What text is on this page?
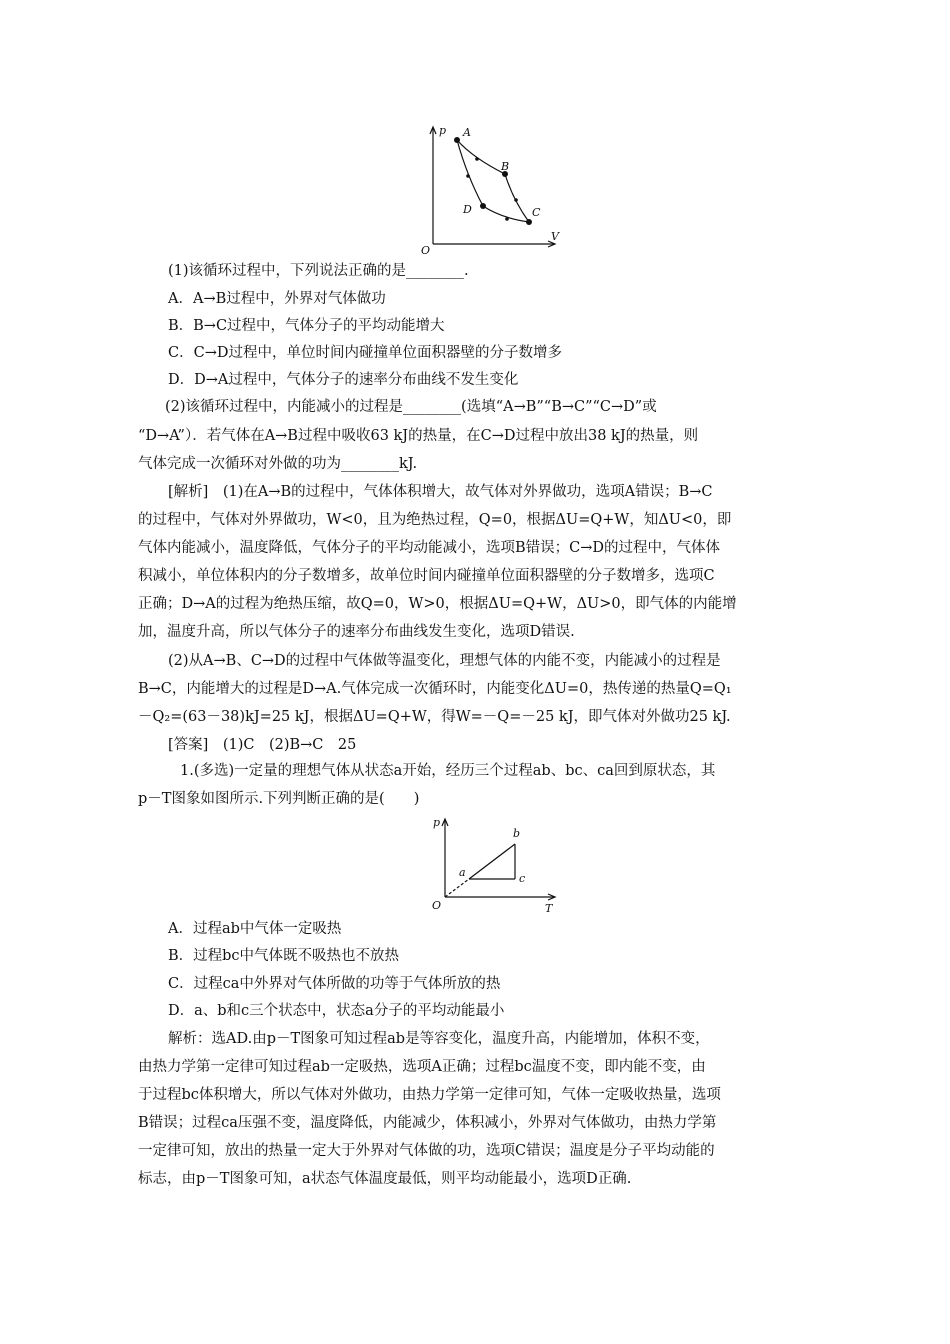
p
V
O
A
B
C
D
(1)该循环过程中，下列说法正确的是________.
A．A→B过程中，外界对气体做功
B．B→C过程中，气体分子的平均动能增大
C．C→D过程中，单位时间内碰撞单位面积器壁的分子数增多
D．D→A过程中，气体分子的速率分布曲线不发生变化
(2)该循环过程中，内能减小的过程是________(选填“A→B”“B→C”“C→D”或
“D→A”）．若气体在A→B过程中吸收63 kJ的热量，在C→D过程中放出38 kJ的热量，则
气体完成一次循环对外做的功为________kJ.
[解析]　(1)在A→B的过程中，气体体积增大，故气体对外界做功，选项A错误；B→C
的过程中，气体对外界做功，W<0，且为绝热过程，Q=0，根据ΔU=Q+W，知ΔU<0，即
气体内能减小，温度降低，气体分子的平均动能减小，选项B错误；C→D的过程中，气体体
积减小，单位体积内的分子数增多，故单位时间内碰撞单位面积器壁的分子数增多，选项C
正确；D→A的过程为绝热压缩，故Q=0，W>0，根据ΔU=Q+W，ΔU>0，即气体的内能增
加，温度升高，所以气体分子的速率分布曲线发生变化，选项D错误.
(2)从A→B、C→D的过程中气体做等温变化，理想气体的内能不变，内能减小的过程是
B→C，内能增大的过程是D→A.气体完成一次循环时，内能变化ΔU=0，热传递的热量Q=Q₁
－Q₂=(63－38)kJ=25 kJ，根据ΔU=Q+W，得W=－Q=－25 kJ，即气体对外做功25 kJ.
[答案]　(1)C　(2)B→C　25
1.(多选)一定量的理想气体从状态a开始，经历三个过程ab、bc、ca回到原状态，其
p－T图象如图所示.下列判断正确的是(　　)
p
T
O
a
b
c
A．过程ab中气体一定吸热
B．过程bc中气体既不吸热也不放热
C．过程ca中外界对气体所做的功等于气体所放的热
D．a、b和c三个状态中，状态a分子的平均动能最小
解析：选AD.由p－T图象可知过程ab是等容变化，温度升高，内能增加，体积不变，
由热力学第一定律可知过程ab一定吸热，选项A正确；过程bc温度不变，即内能不变，由
于过程bc体积增大，所以气体对外做功，由热力学第一定律可知，气体一定吸收热量，选项
B错误；过程ca压强不变，温度降低，内能减少，体积减小，外界对气体做功，由热力学第
一定律可知，放出的热量一定大于外界对气体做的功，选项C错误；温度是分子平均动能的
标志，由p－T图象可知，a状态气体温度最低，则平均动能最小，选项D正确.
